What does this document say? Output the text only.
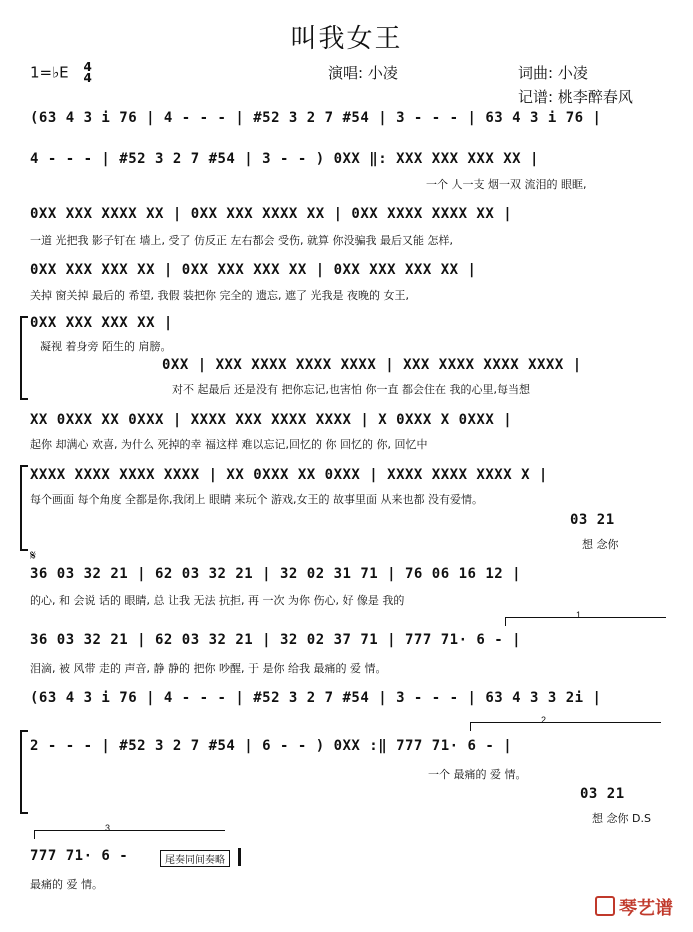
叫我女王
1=♭E 4
4	演唱: 小凌	词曲: 小凌
记谱: 桃李醉春风
(63 4 3 i 76 | 4 - - - | #52 3 2 7 #54 | 3 - - - | 63 4 3 i 76 |
4 - - - | #52 3 2 7 #54 | 3 - - ) 0XX ‖: XXX XXX XXX XX |
一个 人一支 烟一双 流泪的 眼眶,
0XX XXX XXXX XX | 0XX XXX XXXX XX | 0XX XXXX XXXX XX |
一道 光把我 影子钉在 墙上, 受了 仿反正 左右都会 受伤, 就算 你没骗我 最后又能 怎样,
0XX XXX XXX XX | 0XX XXX XXX XX | 0XX XXX XXX XX |
关掉 窗关掉 最后的 希望, 我假 装把你 完全的 遗忘, 遮了 光我是 夜晚的 女王,
0XX XXX XXX XX |
凝视 着身旁 陌生的 肩膀。
0XX | XXX XXXX XXXX XXXX | XXX XXXX XXXX XXXX |
对不 起最后 还是没有 把你忘记,也害怕 你一直 都会住在 我的心里,每当想
XX 0XXX XX 0XXX | XXXX XXX XXXX XXXX | X 0XXX X 0XXX |
起你 却满心 欢喜, 为什么 死掉的幸 福这样 难以忘记,回忆的 你 回忆的 你, 回忆中
XXXX XXXX XXXX XXXX | XX 0XXX XX 0XXX | XXXX XXXX XXXX X |
每个画面 每个角度 全都是你,我闭上 眼睛 来玩个 游戏,女王的 故事里面 从来也都 没有爱情。
03 21
想 念你
𝄋
36 03 32 21 | 62 03 32 21 | 32 02 31 71 | 76 06 16 12 |
的心, 和 会说 话的 眼睛, 总 让我 无法 抗拒, 再 一次 为你 伤心, 好 像是 我的
1
36 03 32 21 | 62 03 32 21 | 32 02 37 71 | 777 71· 6 - |
泪滴, 被 风带 走的 声音, 静 静的 把你 吵醒, 于 是你 给我 最痛的 爱 情。
(63 4 3 i 76 | 4 - - - | #52 3 2 7 #54 | 3 - - - | 63 4 3 3 2i |
2
2 - - - | #52 3 2 7 #54 | 6 - - ) 0XX :‖ 777 71· 6 - |
一个 最痛的 爱 情。
03 21
想 念你 D.S
3
777 71· 6 -	尾奏同间奏略
最痛的 爱 情。
琴艺谱
